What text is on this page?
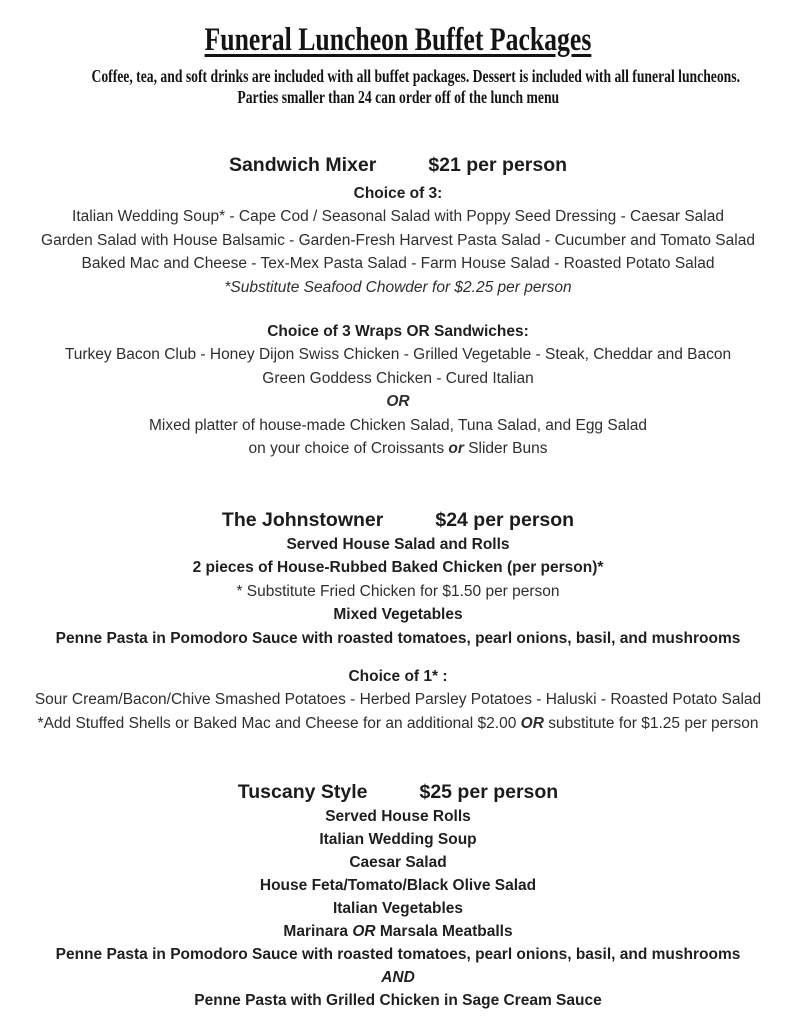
Funeral Luncheon Buffet Packages
Coffee, tea, and soft drinks are included with all buffet packages. Dessert is included with all funeral luncheons.
Parties smaller than 24 can order off of the lunch menu
Sandwich Mixer	$21 per person
Choice of 3:
Italian Wedding Soup* - Cape Cod / Seasonal Salad with Poppy Seed Dressing - Caesar Salad
Garden Salad with House Balsamic - Garden-Fresh Harvest Pasta Salad - Cucumber and Tomato Salad
Baked Mac and Cheese - Tex-Mex Pasta Salad - Farm House Salad - Roasted Potato Salad
*Substitute Seafood Chowder for $2.25 per person
Choice of 3 Wraps OR Sandwiches:
Turkey Bacon Club - Honey Dijon Swiss Chicken - Grilled Vegetable - Steak, Cheddar and Bacon
Green Goddess Chicken - Cured Italian
OR
Mixed platter of house-made Chicken Salad, Tuna Salad, and Egg Salad
on your choice of Croissants or Slider Buns
The Johnstowner	$24 per person
Served House Salad and Rolls
2 pieces of House-Rubbed Baked Chicken (per person)*
* Substitute Fried Chicken for $1.50 per person
Mixed Vegetables
Penne Pasta in Pomodoro Sauce with roasted tomatoes, pearl onions, basil, and mushrooms
Choice of 1* :
Sour Cream/Bacon/Chive Smashed Potatoes - Herbed Parsley Potatoes - Haluski - Roasted Potato Salad
*Add Stuffed Shells or Baked Mac and Cheese for an additional $2.00 OR substitute for $1.25 per person
Tuscany Style	$25 per person
Served House Rolls
Italian Wedding Soup
Caesar Salad
House Feta/Tomato/Black Olive Salad
Italian Vegetables
Marinara OR Marsala Meatballs
Penne Pasta in Pomodoro Sauce with roasted tomatoes, pearl onions, basil, and mushrooms
AND
Penne Pasta with Grilled Chicken in Sage Cream Sauce
